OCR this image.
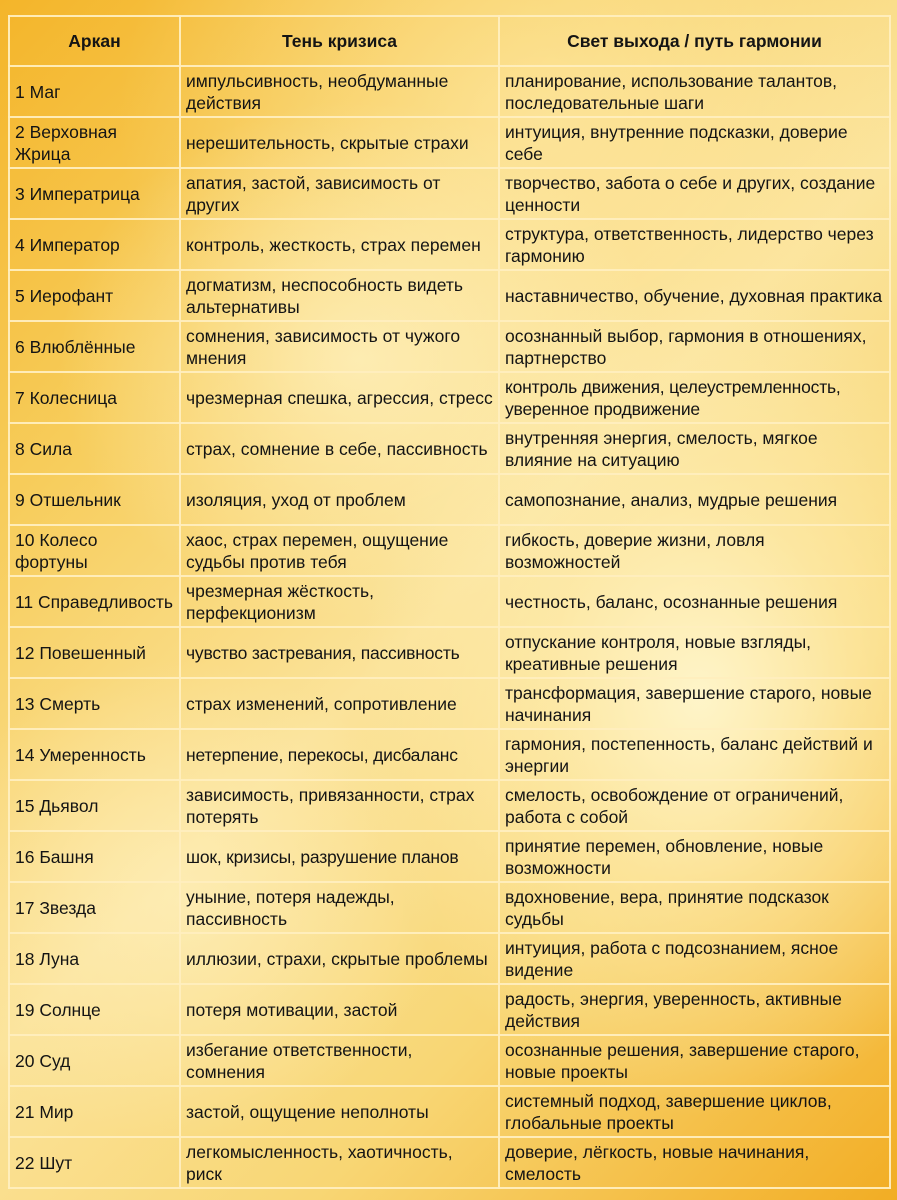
Аркан	Тень кризиса	Свет выхода / путь гармонии
1 Маг	импульсивность, необдуманные действия	планирование, использование талантов, последовательные шаги
2 Верховная Жрица	нерешительность, скрытые страхи	интуиция, внутренние подсказки, доверие себе
3 Императрица	апатия, застой, зависимость от других	творчество, забота о себе и других, создание ценности
4 Император	контроль, жесткость, страх перемен	структура, ответственность, лидерство через гармонию
5 Иерофант	догматизм, неспособность видеть альтернативы	наставничество, обучение, духовная практика
6 Влюблённые	сомнения, зависимость от чужого мнения	осознанный выбор, гармония в отношениях, партнерство
7 Колесница	чрезмерная спешка, агрессия, стресс	контроль движения, целеустремленность, уверенное продвижение
8 Сила	страх, сомнение в себе, пассивность	внутренняя энергия, смелость, мягкое влияние на ситуацию
9 Отшельник	изоляция, уход от проблем	самопознание, анализ, мудрые решения
10 Колесо фортуны	хаос, страх перемен, ощущение судьбы против тебя	гибкость, доверие жизни, ловля возможностей
11 Справедливость	чрезмерная жёсткость, перфекционизм	честность, баланс, осознанные решения
12 Повешенный	чувство застревания, пассивность	отпускание контроля, новые взгляды, креативные решения
13 Смерть	страх изменений, сопротивление	трансформация, завершение старого, новые начинания
14 Умеренность	нетерпение, перекосы, дисбаланс	гармония, постепенность, баланс действий и энергии
15 Дьявол	зависимость, привязанности, страх потерять	смелость, освобождение от ограничений, работа с собой
16 Башня	шок, кризисы, разрушение планов	принятие перемен, обновление, новые возможности
17 Звезда	уныние, потеря надежды, пассивность	вдохновение, вера, принятие подсказок судьбы
18 Луна	иллюзии, страхи, скрытые проблемы	интуиция, работа с подсознанием, ясное видение
19 Солнце	потеря мотивации, застой	радость, энергия, уверенность, активные действия
20 Суд	избегание ответственности, сомнения	осознанные решения, завершение старого, новые проекты
21 Мир	застой, ощущение неполноты	системный подход, завершение циклов, глобальные проекты
22 Шут	легкомысленность, хаотичность, риск	доверие, лёгкость, новые начинания, смелость
